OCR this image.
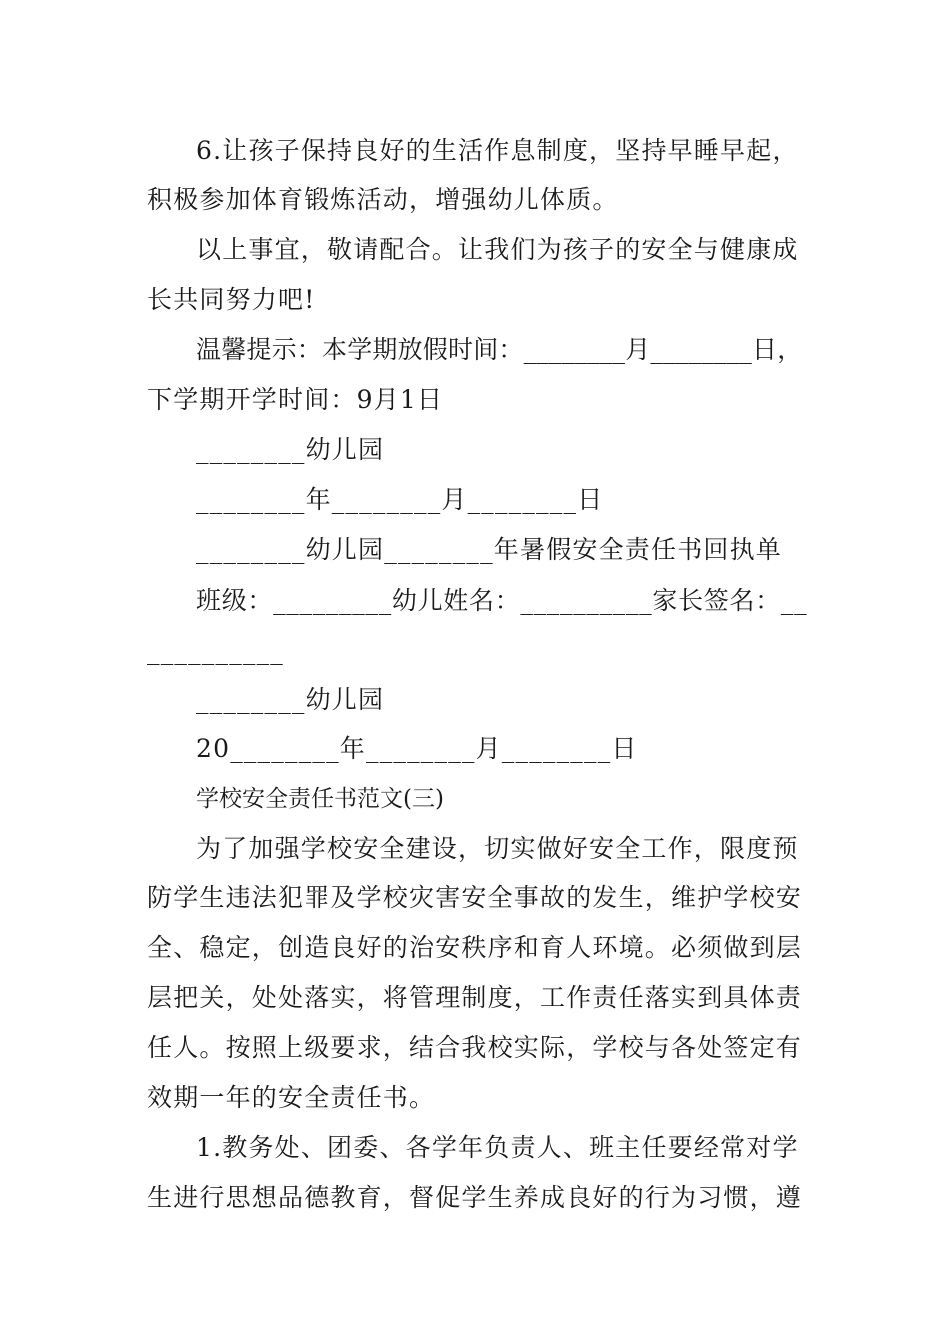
6.让孩子保持良好的生活作息制度，坚持早睡早起，
积极参加体育锻炼活动，增强幼儿体质。
以上事宜，敬请配合。让我们为孩子的安全与健康成
长共同努力吧!
温馨提示：本学期放假时间：________月________日，
下学期开学时间：9月1日
________幼儿园
________年________月________日
________幼儿园________年暑假安全责任书回执单
班级：_________幼儿姓名：__________家长签名：__
__________
________幼儿园
20________年________月________日
学校安全责任书范文(三)
为了加强学校安全建设，切实做好安全工作，限度预
防学生违法犯罪及学校灾害安全事故的发生，维护学校安
全、稳定，创造良好的治安秩序和育人环境。必须做到层
层把关，处处落实，将管理制度，工作责任落实到具体责
任人。按照上级要求，结合我校实际，学校与各处签定有
效期一年的安全责任书。
1.教务处、团委、各学年负责人、班主任要经常对学
生进行思想品德教育，督促学生养成良好的行为习惯，遵
